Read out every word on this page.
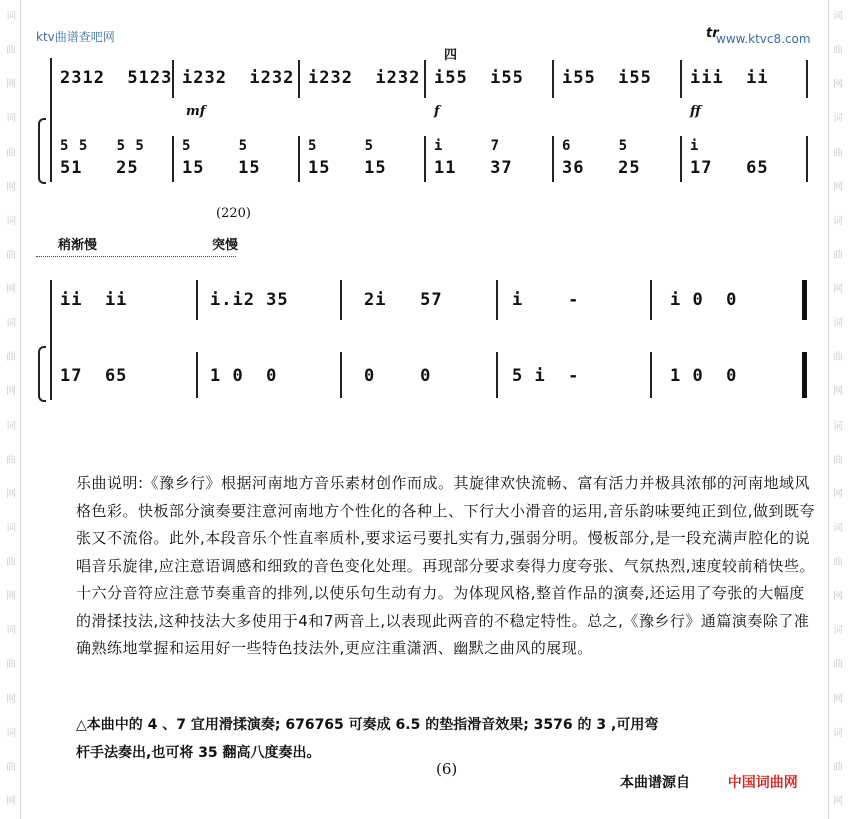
词
曲
网
词
曲
网
词
曲
网
词
曲
网
词
曲
网
词
曲
网
词
曲
网
词
曲
网
词
曲
网
词
曲
网
词
曲
网
词
曲
网
词
曲
网
词
曲
网
词
曲
网
词
曲
网
ktv曲谱查吧网	www.ktvc8.com
2312  5123 i232  i232 i232  i232 i55  i55 i55  i55 iii  ii
mf	f	ff
四
tr
5 5   5 5
51   25
5     5
15   15
5     5
15   15
i     7
11   37
6     5
36   25
i
17   65
(220)
稍渐慢	突慢
ii  ii	i.i2 35	2i   57	i    -	i 0  0
17  65	1 0  0	0    0	5 i  -	1 0  0
乐曲说明:《豫乡行》根据河南地方音乐素材创作而成。其旋律欢快流畅、富有活力并极具浓郁的河南地域风格色彩。快板部分演奏要注意河南地方个性化的各种上、下行大小滑音的运用,音乐韵味要纯正到位,做到既夸张又不流俗。此外,本段音乐个性直率质朴,要求运弓要扎实有力,强弱分明。慢板部分,是一段充满声腔化的说唱音乐旋律,应注意语调感和细致的音色变化处理。再现部分要求奏得力度夸张、气氛热烈,速度较前稍快些。十六分音符应注意节奏重音的排列,以使乐句生动有力。为体现风格,整首作品的演奏,还运用了夸张的大幅度的滑揉技法,这种技法大多使用于4和7两音上,以表现此两音的不稳定特性。总之,《豫乡行》通篇演奏除了准确熟练地掌握和运用好一些特色技法外,更应注重潇洒、幽默之曲风的展现。
△本曲中的 4 、7 宜用滑揉演奏; 676765 可奏成 6.5 的垫指滑音效果; 3576 的 3 ,可用弯
杆手法奏出,也可将 35 翻高八度奏出。
(6)
本曲谱源自	中国词曲网
